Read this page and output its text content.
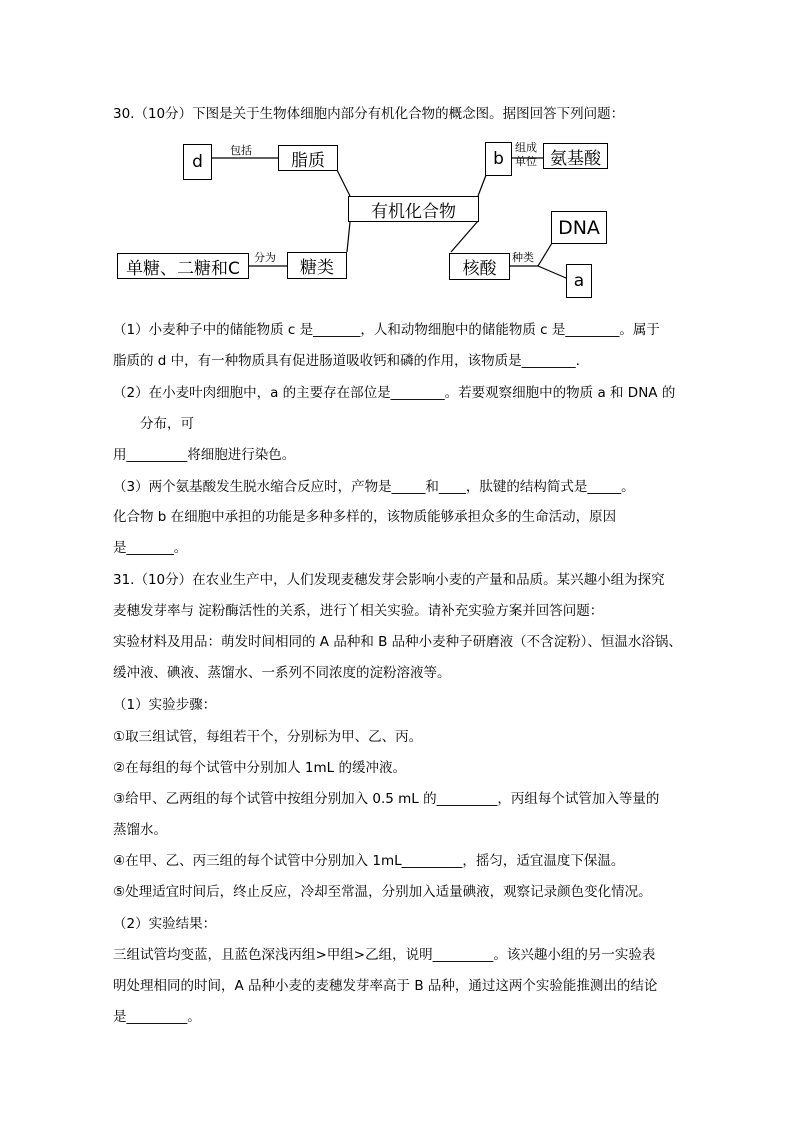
30.（10分）下图是关于生物体细胞内部分有机化合物的概念图。据图回答下列问题：
d
包括	脂质
有机化合物
单糖、二糖和C
分为
糖类
b
组成
单位 氨基酸
核酸
种类
DNA
a
（1）小麦种子中的储能物质 c 是_______，人和动物细胞中的储能物质 c 是________。属于
脂质的 d 中，有一种物质具有促进肠道吸收钙和磷的作用，该物质是________.
（2）在小麦叶肉细胞中，a 的主要存在部位是________。若要观察细胞中的物质 a 和 DNA 的
分布，可
用_________将细胞进行染色。
（3）两个氨基酸发生脱水缩合反应时，产物是_____和____，肽键的结构简式是_____。
化合物 b 在细胞中承担的功能是多种多样的，该物质能够承担众多的生命活动，原因
是_______。
31.（10分）在农业生产中，人们发现麦穗发芽会影响小麦的产量和品质。某兴趣小组为探究
麦穗发芽率与 淀粉酶活性的关系，进行丫相关实验。请补充实验方案并回答问题：
实验材料及用品：萌发时间相同的 A 品种和 B 品种小麦种子研磨液（不含淀粉）、恒温水浴锅、
缓冲液、碘液、蒸馏水、一系列不同浓度的淀粉溶液等。
（1）实验步骤：
①取三组试管，每组若干个，分别标为甲、乙、丙。
②在每组的每个试管中分别加人 1mL 的缓冲液。
③给甲、乙两组的每个试管中按组分别加入 0.5 mL 的_________，丙组每个试管加入等量的
蒸馏水。
④在甲、乙、丙三组的每个试管中分别加入 1mL_________，摇匀，适宜温度下保温。
⑤处理适宜时间后，终止反应，冷却至常温，分别加入适量碘液，观察记录颜色变化情况。
（2）实验结果：
三组试管均变蓝，且蓝色深浅丙组>甲组>乙组，说明_________。该兴趣小组的另一实验表
明处理相同的时间，A 品种小麦的麦穗发芽率高于 B 品种，通过这两个实验能推测出的结论
是_________。
